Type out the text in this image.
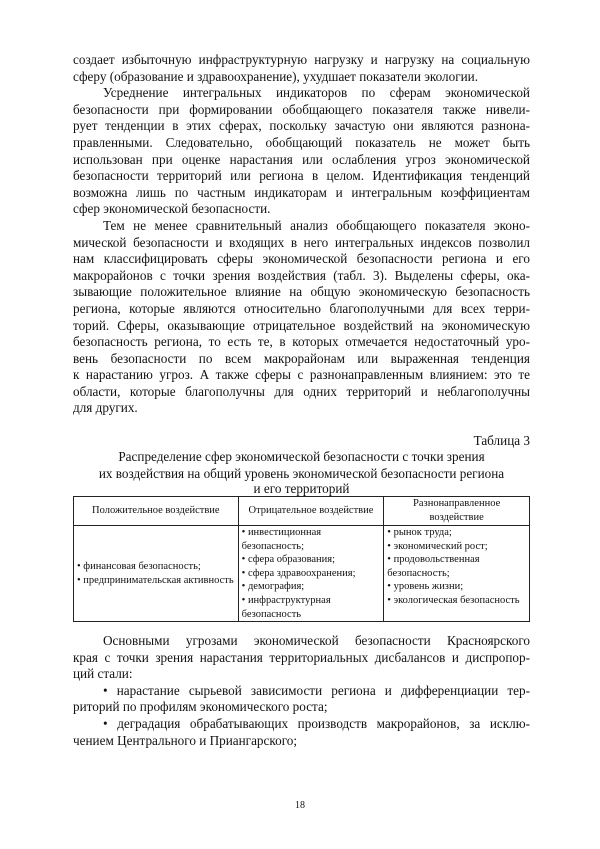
создает избыточную инфраструктурную нагрузку и нагрузку на социальную
сферу (образование и здравоохранение), ухудшает показатели экологии.

Усреднение интегральных индикаторов по сферам экономической
безопасности при формировании обобщающего показателя также нивели-
рует тенденции в этих сферах, поскольку зачастую они являются разнона-
правленными. Следовательно, обобщающий показатель не может быть
использован при оценке нарастания или ослабления угроз экономической
безопасности территорий или региона в целом. Идентификация тенденций
возможна лишь по частным индикаторам и интегральным коэффициентам
сфер экономической безопасности.

Тем не менее сравнительный анализ обобщающего показателя эконо-
мической безопасности и входящих в него интегральных индексов позволил
нам классифицировать сферы экономической безопасности региона и его
макрорайонов с точки зрения воздействия (табл. 3). Выделены сферы, ока-
зывающие положительное влияние на общую экономическую безопасность
региона, которые являются относительно благополучными для всех терри-
торий. Сферы, оказывающие отрицательное воздействий на экономическую
безопасность региона, то есть те, в которых отмечается недостаточный уро-
вень безопасности по всем макрорайонам или выраженная тенденция
к нарастанию угроз. А также сферы с разнонаправленным влиянием: это те
области, которые благополучны для одних территорий и неблагополучны
для других.

Таблица 3
Распределение сфер экономической безопасности с точки зрения
их воздействия на общий уровень экономической безопасности региона
и его территорий
Положительное воздействие	Отрицательное воздействие	Разнонаправленное воздействие

• финансовая безопасность;
• предпринимательская активность	• инвестиционная безопасность;
• сфера образования;
• сфера здравоохранения;
• демография;
• инфраструктурная безопасность	• рынок труда;
• экономический рост;
• продовольственная безопасность;
• уровень жизни;
• экологическая безопасность

Основными угрозами экономической безопасности Красноярского
края с точки зрения нарастания территориальных дисбалансов и диспропор-
ций стали:

• нарастание сырьевой зависимости региона и дифференциации тер-
риторий по профилям экономического роста;

• деградация обрабатывающих производств макрорайонов, за исклю-
чением Центрального и Приангарского;

18
